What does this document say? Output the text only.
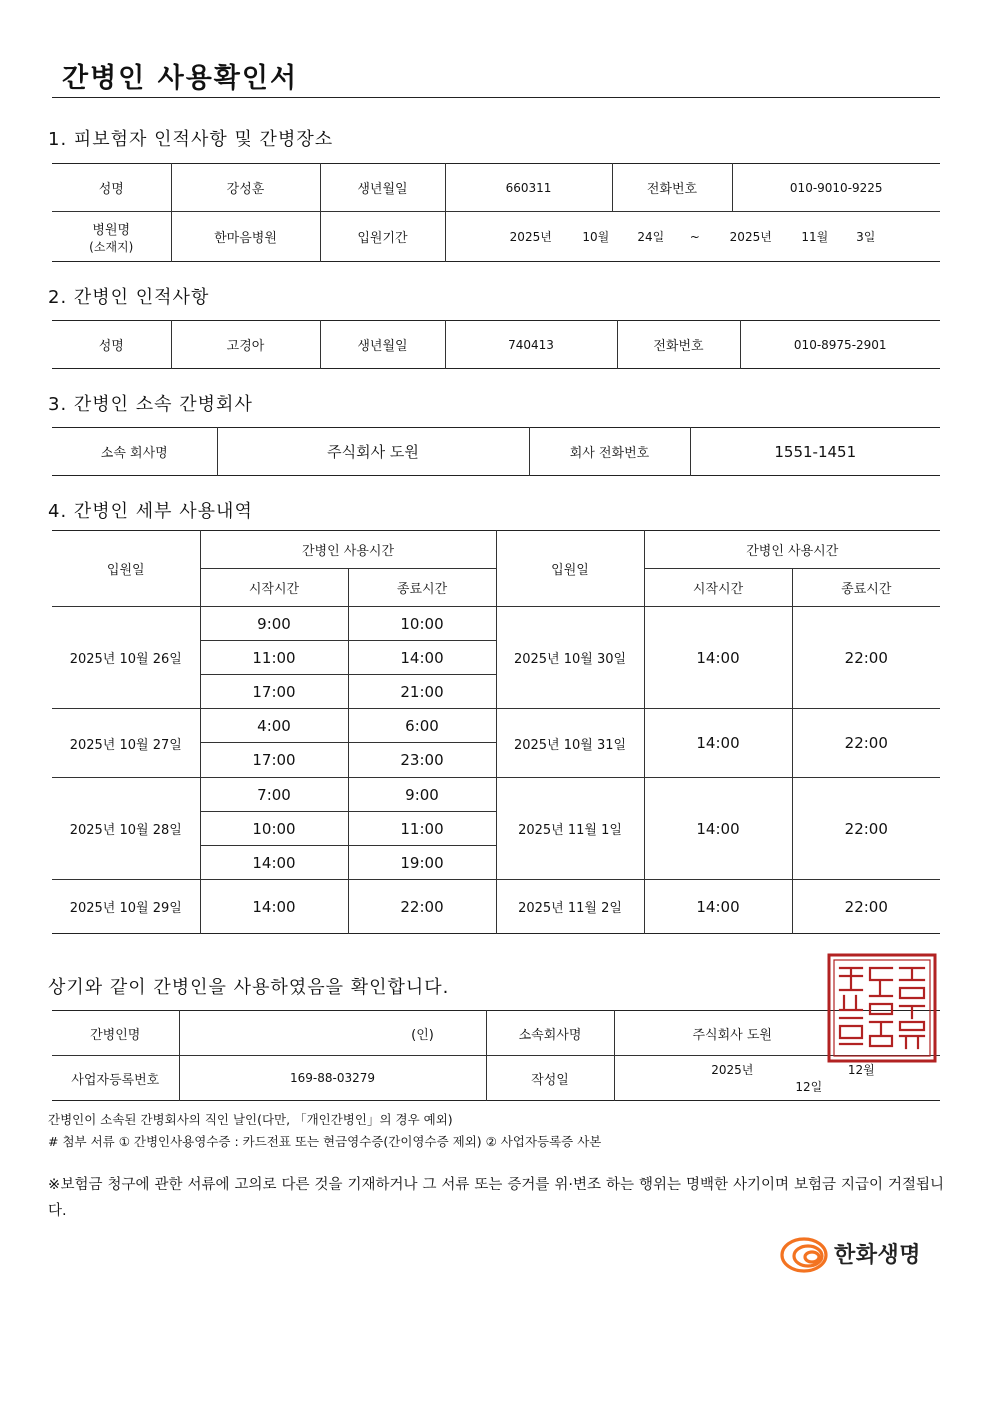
간병인 사용확인서
1. 피보험자 인적사항 및 간병장소
성명	강성훈	생년월일	660311	전화번호	010-9010-9225

병원명
(소재지)	한마음병원	입원기간	2025년 10월 24일 ~ 2025년 11월 3일		
2. 간병인 인적사항
성명	고경아	생년월일	740413	전화번호	010-8975-2901
3. 간병인 소속 간병회사
소속 회사명	주식회사 도원	회사 전화번호	1551-1451
4. 간병인 세부 사용내역
입원일	간병인 사용시간		입원일	간병인 사용시간	
	시작시간	종료시간		시작시간	종료시간
2025년 10월 26일	9:00	10:00	2025년 10월 30일	14:00	22:00
	11:00	14:00			
	17:00	21:00			
2025년 10월 27일	4:00	6:00	2025년 10월 31일	14:00	22:00
	17:00	23:00			
2025년 10월 28일	7:00	9:00	2025년 11월 1일	14:00	22:00
	10:00	11:00			
	14:00	19:00			
2025년 10월 29일	14:00	22:00	2025년 11월 2일	14:00	22:00
상기와 같이 간병인을 사용하였음을 확인합니다.
간병인명	(인)	소속회사명	주식회사 도원
사업자등록번호	169-88-03279	작성일	2025년 12월12일
간병인이 소속된 간병회사의 직인 날인(다만, 「개인간병인」의 경우 예외)
# 첨부 서류 ① 간병인사용영수증 : 카드전표 또는 현금영수증(간이영수증 제외) ② 사업자등록증 사본
※보험금 청구에 관한 서류에 고의로 다른 것을 기재하거나 그 서류 또는 증거를 위·변조 하는 행위는 명백한 사기이며 보험금 지급이 거절됩니다.
한화생명
